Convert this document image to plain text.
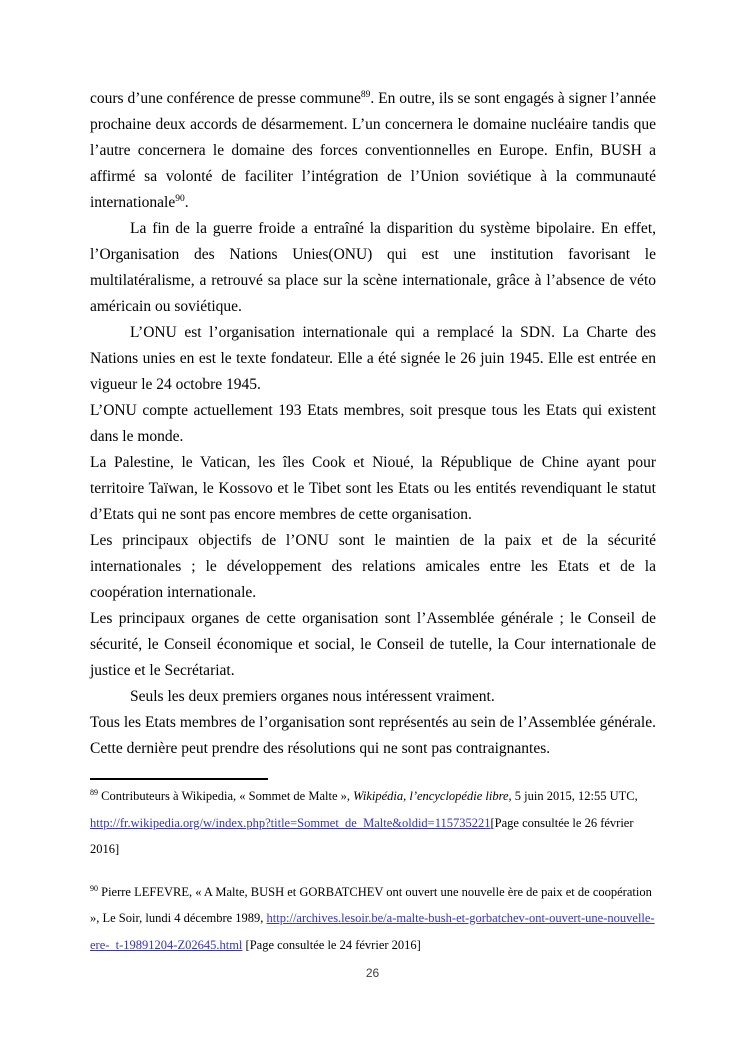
cours d’une conférence de presse commune$^{89}$. En outre, ils se sont engagés à signer l’année prochaine deux accords de désarmement. L’un concernera le domaine nucléaire tandis que l’autre concernera le domaine des forces conventionnelles en Europe. Enfin, BUSH a affirmé sa volonté de faciliter l’intégration de l’Union soviétique à la communauté internationale$^{90}$.

La fin de la guerre froide a entraîné la disparition du système bipolaire. En effet, l’Organisation des Nations Unies(ONU) qui est une institution favorisant le multilatéralisme, a retrouvé sa place sur la scène internationale, grâce à l’absence de véto américain ou soviétique.

L’ONU est l’organisation internationale qui a remplacé la SDN. La Charte des Nations unies en est le texte fondateur. Elle a été signée le 26 juin 1945. Elle est entrée en vigueur le 24 octobre 1945.

L’ONU compte actuellement 193 Etats membres, soit presque tous les Etats qui existent dans le monde.

La Palestine, le Vatican, les îles Cook et Nioué, la République de Chine ayant pour territoire Taïwan, le Kossovo et le Tibet sont les Etats ou les entités revendiquant le statut d’Etats qui ne sont pas encore membres de cette organisation.

Les principaux objectifs de l’ONU sont le maintien de la paix et de la sécurité internationales ; le développement des relations amicales entre les Etats et de la coopération internationale.

Les principaux organes de cette organisation sont l’Assemblée générale ; le Conseil de sécurité, le Conseil économique et social, le Conseil de tutelle, la Cour internationale de justice et le Secrétariat.

Seuls les deux premiers organes nous intéressent vraiment.

Tous les Etats membres de l’organisation sont représentés au sein de l’Assemblée générale. Cette dernière peut prendre des résolutions qui ne sont pas contraignantes.

$^{89}$ Contributeurs à Wikipedia, « Sommet de Malte », Wikipédia, l’encyclopédie libre, 5 juin 2015, 12:55 UTC, http://fr.wikipedia.org/w/index.php?title=Sommet_de_Malte&oldid=115735221[Page consultée le 26 février 2016]

$^{90}$ Pierre LEFEVRE, « A Malte, BUSH et GORBATCHEV ont ouvert une nouvelle ère de paix et de coopération », Le Soir, lundi 4 décembre 1989, http://archives.lesoir.be/a-malte-bush-et-gorbatchev-ont-ouvert-une-nouvelle-ere-_t-19891204-Z02645.html [Page consultée le 24 février 2016]

26
